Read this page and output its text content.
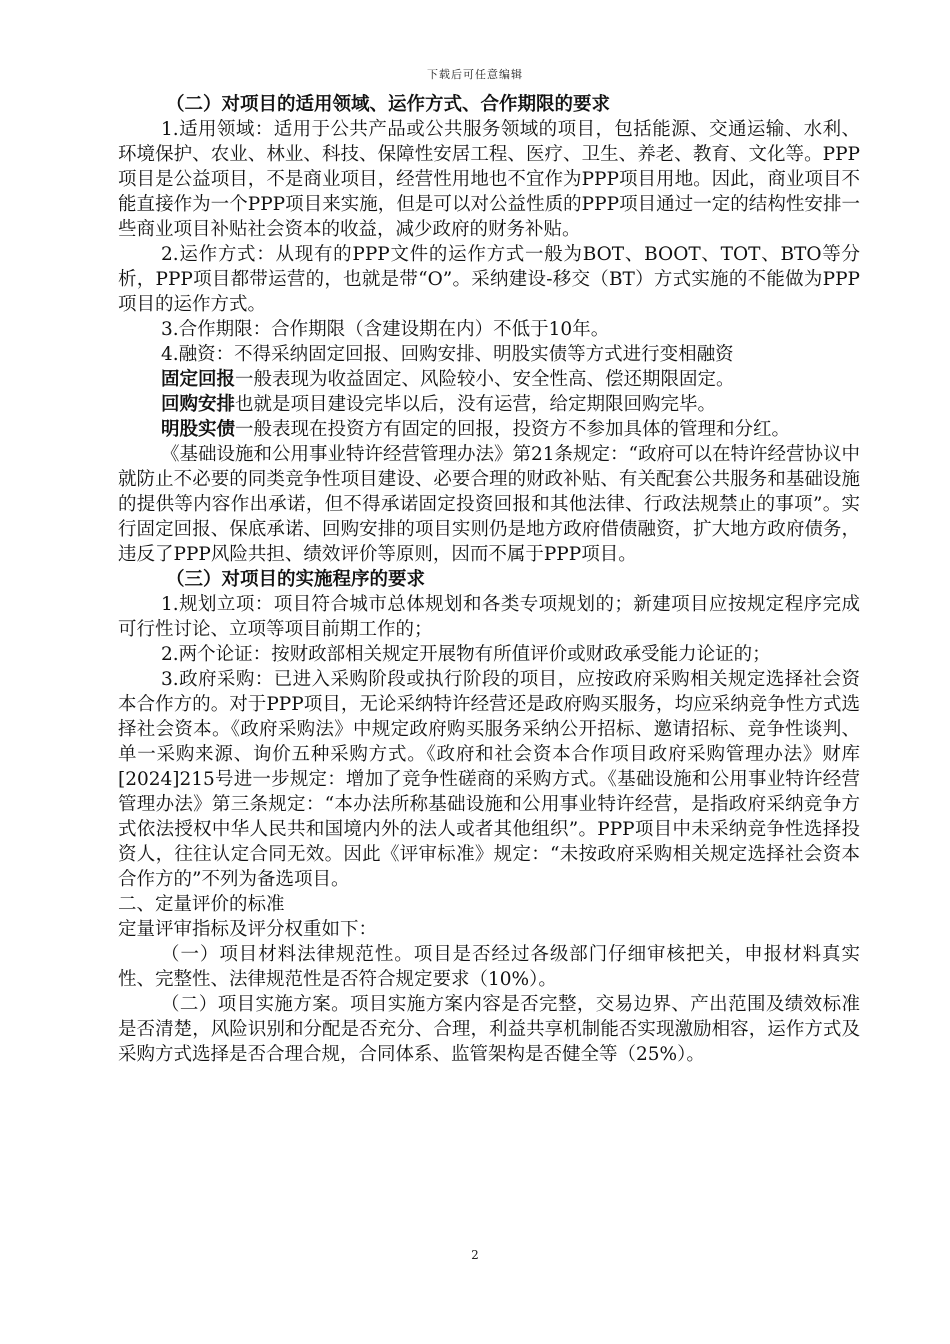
下载后可任意编辑

（二）对项目的适用领域、运作方式、合作期限的要求

1.适用领域：适用于公共产品或公共服务领域的项目，包括能源、交通运输、水利、环境保护、农业、林业、科技、保障性安居工程、医疗、卫生、养老、教育、文化等。PPP项目是公益项目，不是商业项目，经营性用地也不宜作为PPP项目用地。因此，商业项目不能直接作为一个PPP项目来实施，但是可以对公益性质的PPP项目通过一定的结构性安排一些商业项目补贴社会资本的收益，减少政府的财务补贴。

2.运作方式：从现有的PPP文件的运作方式一般为BOT、BOOT、TOT、BTO等分析，PPP项目都带运营的，也就是带“O”。采纳建设-移交（BT）方式实施的不能做为PPP项目的运作方式。

3.合作期限：合作期限（含建设期在内）不低于10年。

4.融资：不得采纳固定回报、回购安排、明股实债等方式进行变相融资

固定回报一般表现为收益固定、风险较小、安全性高、偿还期限固定。

回购安排也就是项目建设完毕以后，没有运营，给定期限回购完毕。

明股实债一般表现在投资方有固定的回报，投资方不参加具体的管理和分红。

《基础设施和公用事业特许经营管理办法》第21条规定：“政府可以在特许经营协议中就防止不必要的同类竞争性项目建设、必要合理的财政补贴、有关配套公共服务和基础设施的提供等内容作出承诺，但不得承诺固定投资回报和其他法律、行政法规禁止的事项”。实行固定回报、保底承诺、回购安排的项目实则仍是地方政府借债融资，扩大地方政府债务，违反了PPP风险共担、绩效评价等原则，因而不属于PPP项目。

（三）对项目的实施程序的要求

1.规划立项：项目符合城市总体规划和各类专项规划的；新建项目应按规定程序完成可行性讨论、立项等项目前期工作的；

2.两个论证：按财政部相关规定开展物有所值评价或财政承受能力论证的；

3.政府采购：已进入采购阶段或执行阶段的项目，应按政府采购相关规定选择社会资本合作方的。对于PPP项目，无论采纳特许经营还是政府购买服务，均应采纳竞争性方式选择社会资本。《政府采购法》中规定政府购买服务采纳公开招标、邀请招标、竞争性谈判、单一采购来源、询价五种采购方式。《政府和社会资本合作项目政府采购管理办法》财库[2024]215号进一步规定：增加了竞争性磋商的采购方式。《基础设施和公用事业特许经营管理办法》第三条规定：“本办法所称基础设施和公用事业特许经营，是指政府采纳竞争方式依法授权中华人民共和国境内外的法人或者其他组织”。PPP项目中未采纳竞争性选择投资人，往往认定合同无效。因此《评审标准》规定：“未按政府采购相关规定选择社会资本合作方的”不列为备选项目。

二、定量评价的标准

定量评审指标及评分权重如下：

（一）项目材料法律规范性。项目是否经过各级部门仔细审核把关，申报材料真实性、完整性、法律规范性是否符合规定要求（10%）。

（二）项目实施方案。项目实施方案内容是否完整，交易边界、产出范围及绩效标准是否清楚，风险识别和分配是否充分、合理，利益共享机制能否实现激励相容，运作方式及采购方式选择是否合理合规，合同体系、监管架构是否健全等（25%）。

2
